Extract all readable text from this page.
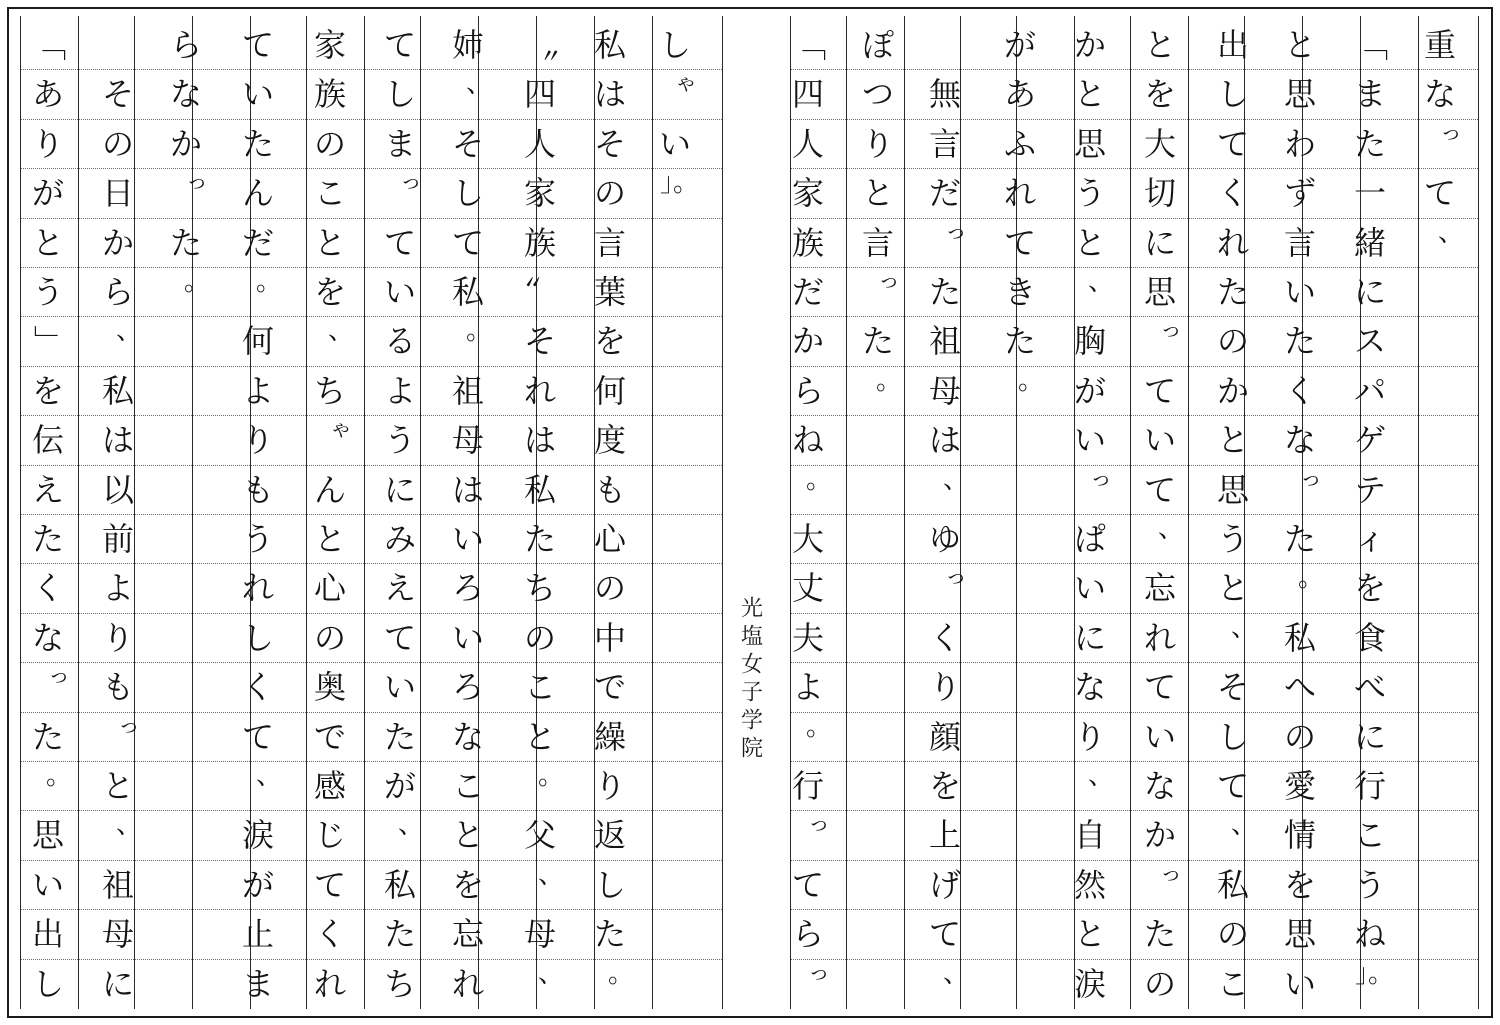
重
な
っ
て
、
「
ま
た
一
緒
に
ス
パ
ゲ
テ
ィ
を
食
べ
に
行
こ
う
ね
」。
と
思
わ
ず
言
い
た
く
な
っ
た
。
私
へ
の
愛
情
を
思
い
出
し
て
く
れ
た
の
か
と
思
う
と
、
そ
し
て
、
私
の
こ
と
を
大
切
に
思
っ
て
い
て
、
忘
れ
て
い
な
か
っ
た
の
か
と
思
う
と
、
胸
が
い
っ
ぱ
い
に
な
り
、
自
然
と
涙
が
あ
ふ
れ
て
き
た
。
無
言
だ
っ
た
祖
母
は
、
ゆ
っ
く
り
顔
を
上
げ
て
、
ぽ
つ
り
と
言
っ
た
。
「
四
人
家
族
だ
か
ら
ね
。
大
丈
夫
よ
。
行
っ
て
ら
っ
し
ゃ
い
」。
私
は
そ
の
言
葉
を
何
度
も
心
の
中
で
繰
り
返
し
た
。
〝
四
人
家
族
〟
そ
れ
は
私
た
ち
の
こ
と
。
父
、
母
、
姉
、
そ
し
て
私
。
祖
母
は
い
ろ
い
ろ
な
こ
と
を
忘
れ
て
し
ま
っ
て
い
る
よ
う
に
み
え
て
い
た
が
、
私
た
ち
家
族
の
こ
と
を
、
ち
ゃ
ん
と
心
の
奥
で
感
じ
て
く
れ
て
い
た
ん
だ
。
何
よ
り
も
う
れ
し
く
て
、
涙
が
止
ま
ら
な
か
っ
た
。
そ
の
日
か
ら
、
私
は
以
前
よ
り
も
っ
と
、
祖
母
に
「
あ
り
が
と
う
」
を
伝
え
た
く
な
っ
た
。
思
い
出
し
光塩女子学院
